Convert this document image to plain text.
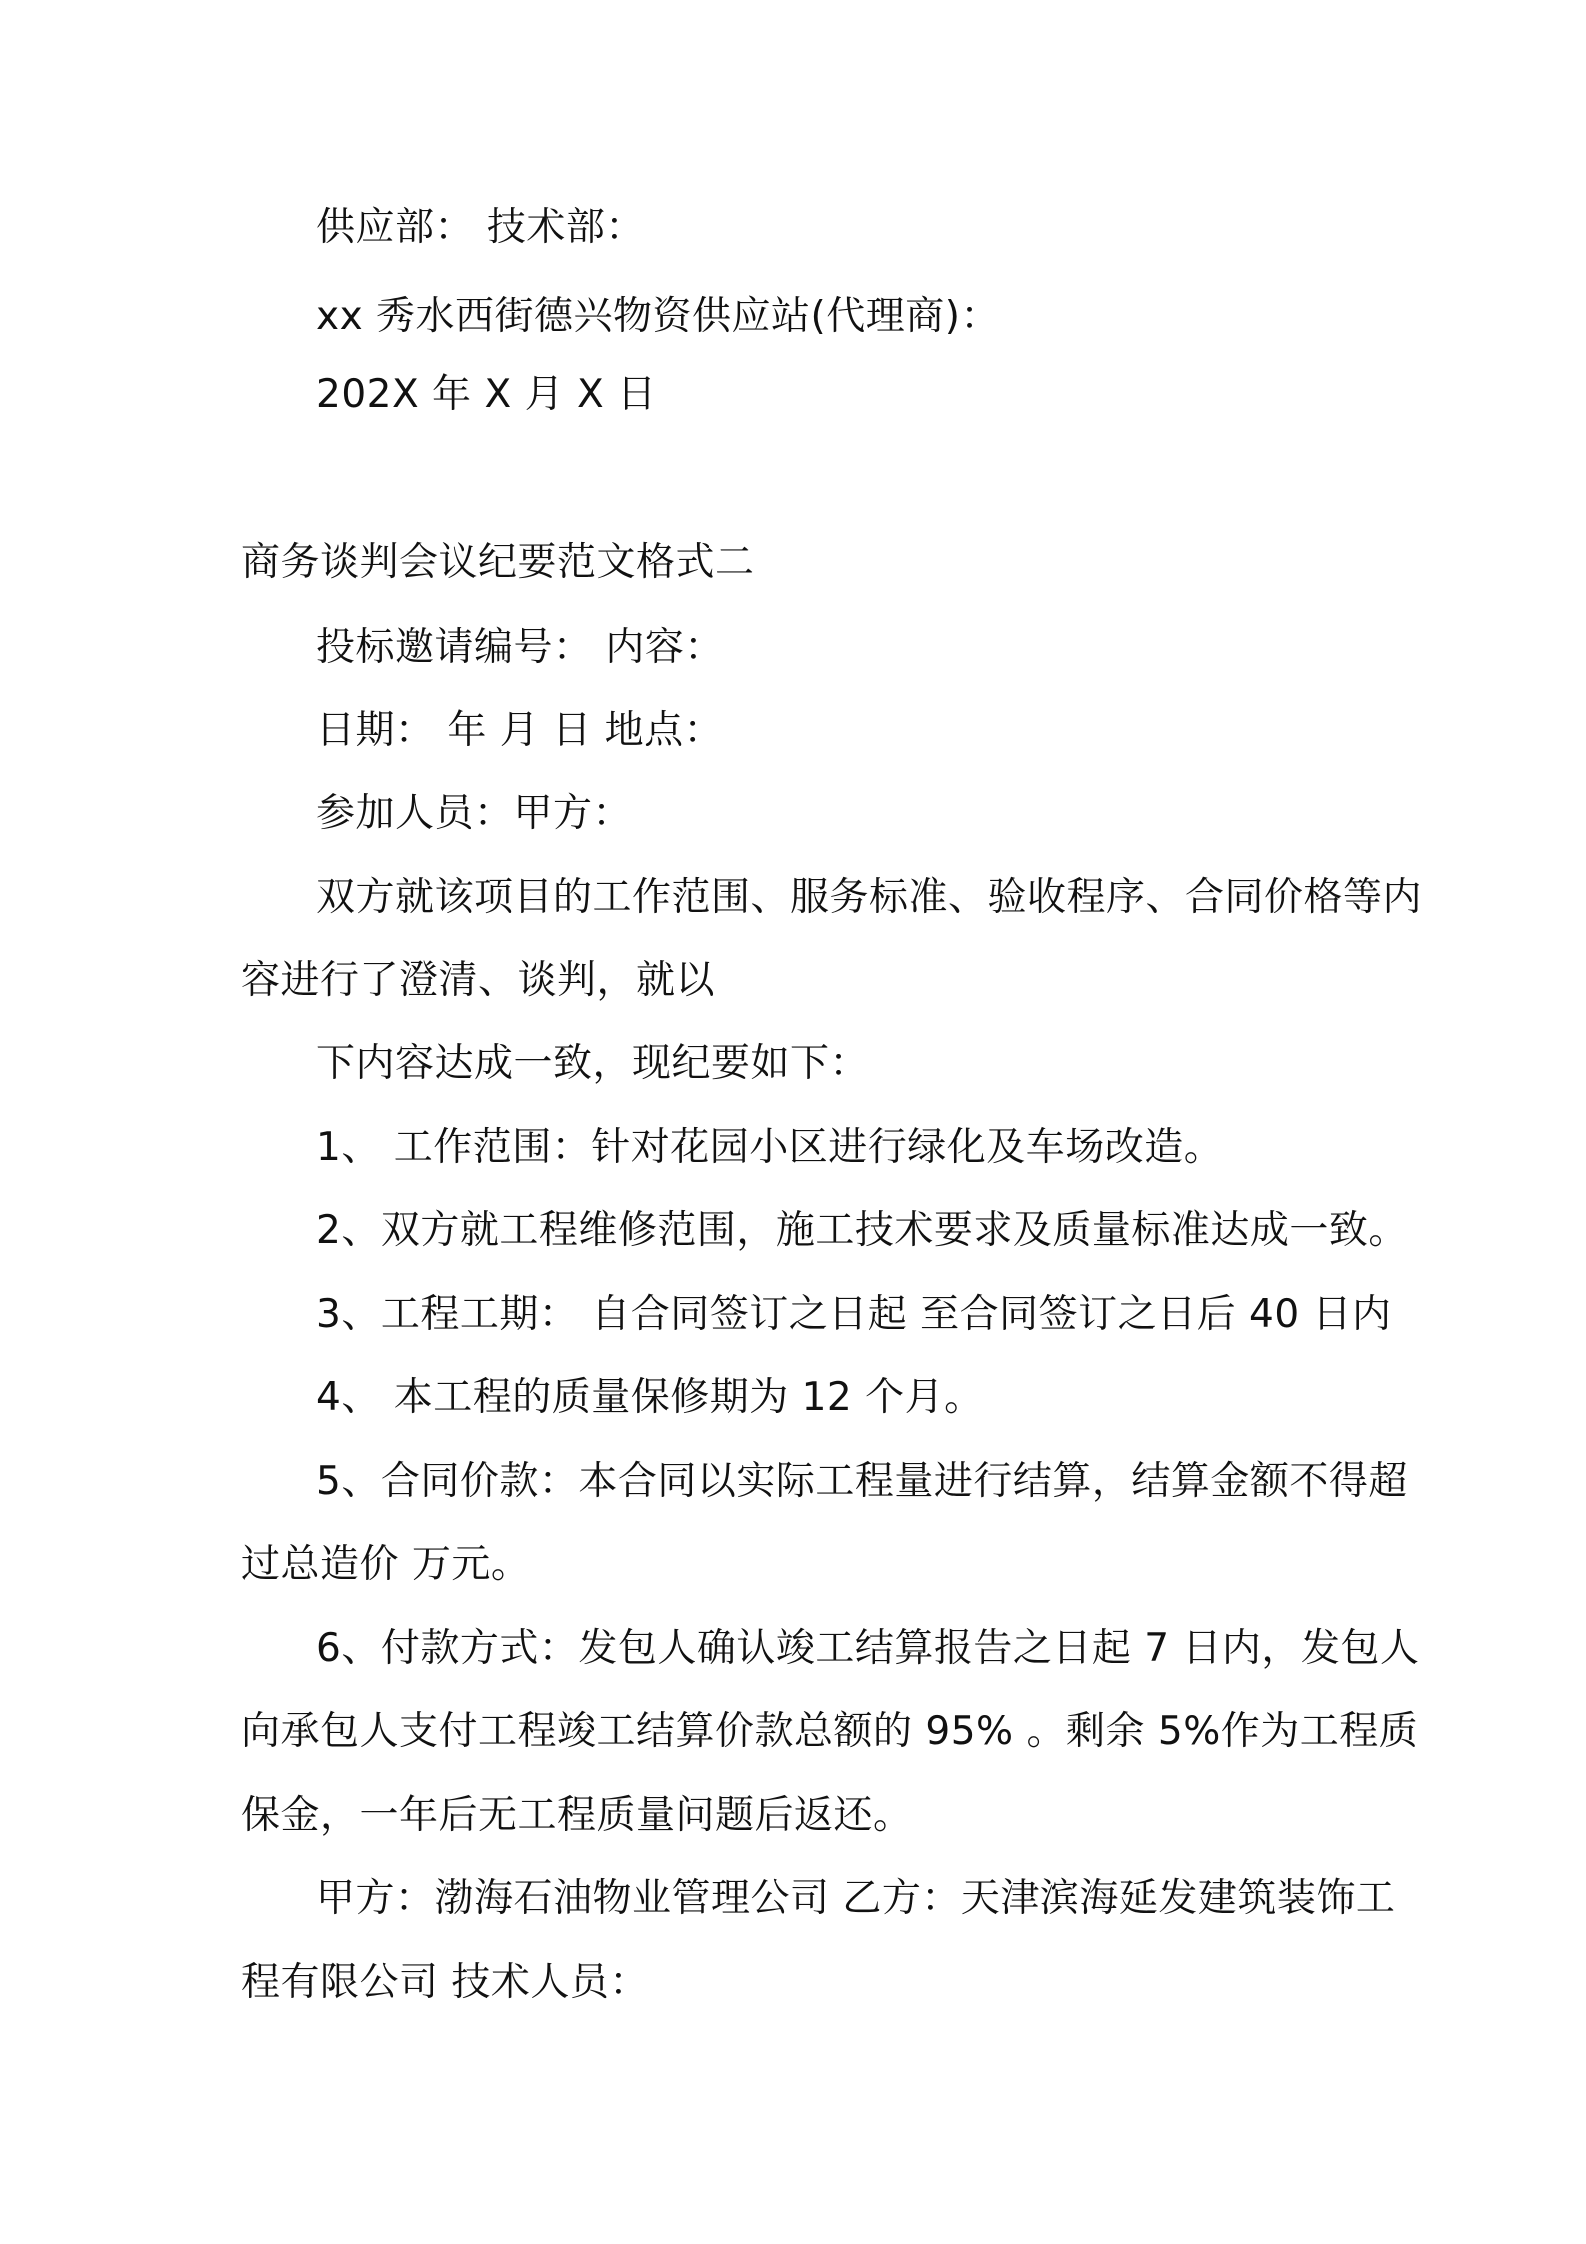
供应部： 技术部：
xx 秀水西街德兴物资供应站(代理商)：
202X 年 X 月 X 日
商务谈判会议纪要范文格式二
投标邀请编号： 内容：
日期： 年 月 日 地点：
参加人员：甲方：
双方就该项目的工作范围、服务标准、验收程序、合同价格等内
容进行了澄清、谈判，就以
下内容达成一致，现纪要如下：
1、 工作范围：针对花园小区进行绿化及车场改造。
2、双方就工程维修范围，施工技术要求及质量标准达成一致。
3、工程工期： 自合同签订之日起 至合同签订之日后 40 日内
4、 本工程的质量保修期为 12 个月。
5、合同价款：本合同以实际工程量进行结算，结算金额不得超
过总造价 万元。
6、付款方式：发包人确认竣工结算报告之日起 7 日内，发包人
向承包人支付工程竣工结算价款总额的 95% 。剩余 5%作为工程质
保金，一年后无工程质量问题后返还。
甲方：渤海石油物业管理公司 乙方：天津滨海延发建筑装饰工
程有限公司 技术人员：
